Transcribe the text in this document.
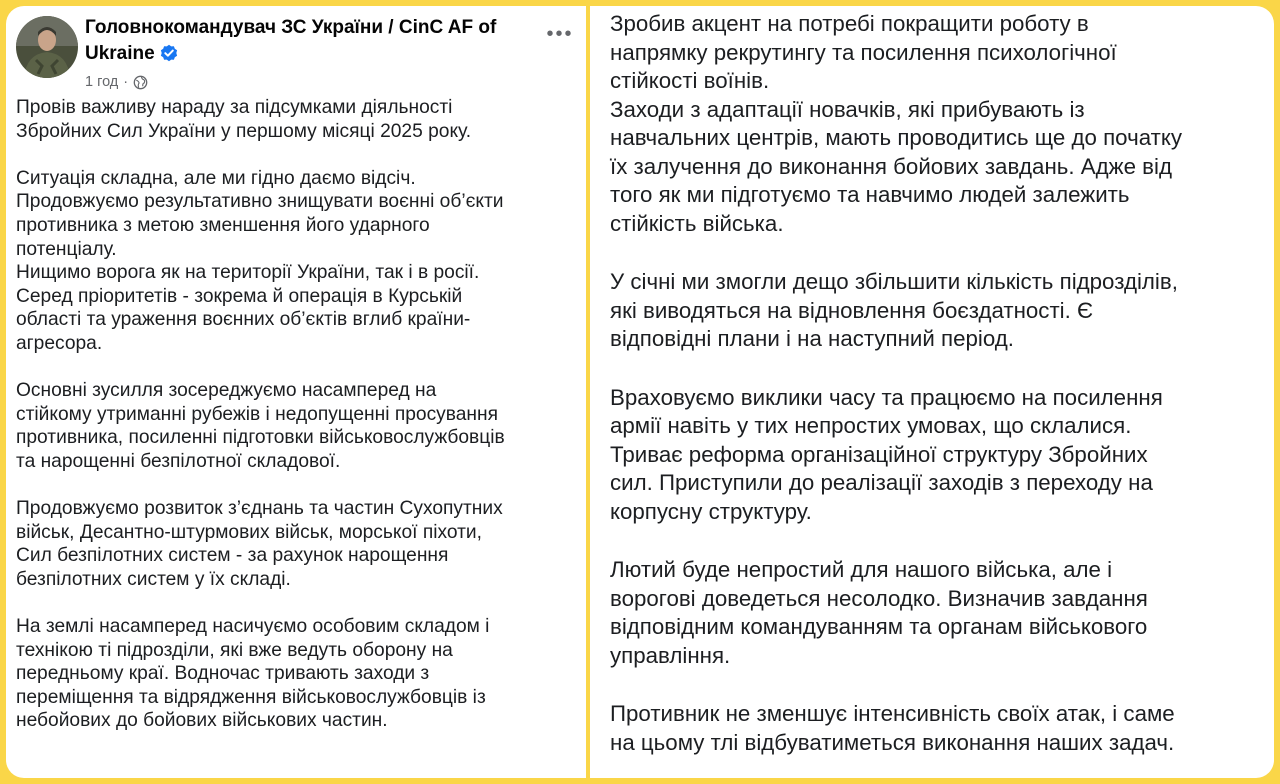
Головнокомандувач ЗС України / CinC AF of
Ukraine
1 год ·
•••

Провів важливу нараду за підсумками діяльності
Збройних Сил України у першому місяці 2025 року.

Ситуація складна, але ми гідно даємо відсіч.
Продовжуємо результативно знищувати воєнні об’єкти
противника з метою зменшення його ударного
потенціалу.
Нищимо ворога як на території України, так і в росії.
Серед пріоритетів - зокрема й операція в Курській
області та ураження воєнних об’єктів вглиб країни-
агресора.

Основні зусилля зосереджуємо насамперед на
стійкому утриманні рубежів і недопущенні просування
противника, посиленні підготовки військовослужбовців
та нарощенні безпілотної складової.

Продовжуємо розвиток з’єднань та частин Сухопутних
військ, Десантно-штурмових військ, морської піхоти,
Сил безпілотних систем - за рахунок нарощення
безпілотних систем у їх складі.

На землі насамперед насичуємо особовим складом і
технікою ті підрозділи, які вже ведуть оборону на
передньому краї. Водночас тривають заходи з
переміщення та відрядження військовослужбовців із
небойових до бойових військових частин.

Зробив акцент на потребі покращити роботу в
напрямку рекрутингу та посилення психологічної
стійкості воїнів.
Заходи з адаптації новачків, які прибувають із
навчальних центрів, мають проводитись ще до початку
їх залучення до виконання бойових завдань. Адже від
того як ми підготуємо та навчимо людей залежить
стійкість війська.

У січні ми змогли дещо збільшити кількість підрозділів,
які виводяться на відновлення боєздатності. Є
відповідні плани і на наступний період.

Враховуємо виклики часу та працюємо на посилення
армії навіть у тих непростих умовах, що склалися.
Триває реформа організаційної структуру Збройних
сил. Приступили до реалізації заходів з переходу на
корпусну структуру.

Лютий буде непростий для нашого війська, але і
ворогові доведеться несолодко. Визначив завдання
відповідним командуванням та органам військового
управління.

Противник не зменшує інтенсивність своїх атак, і саме
на цьому тлі відбуватиметься виконання наших задач.
